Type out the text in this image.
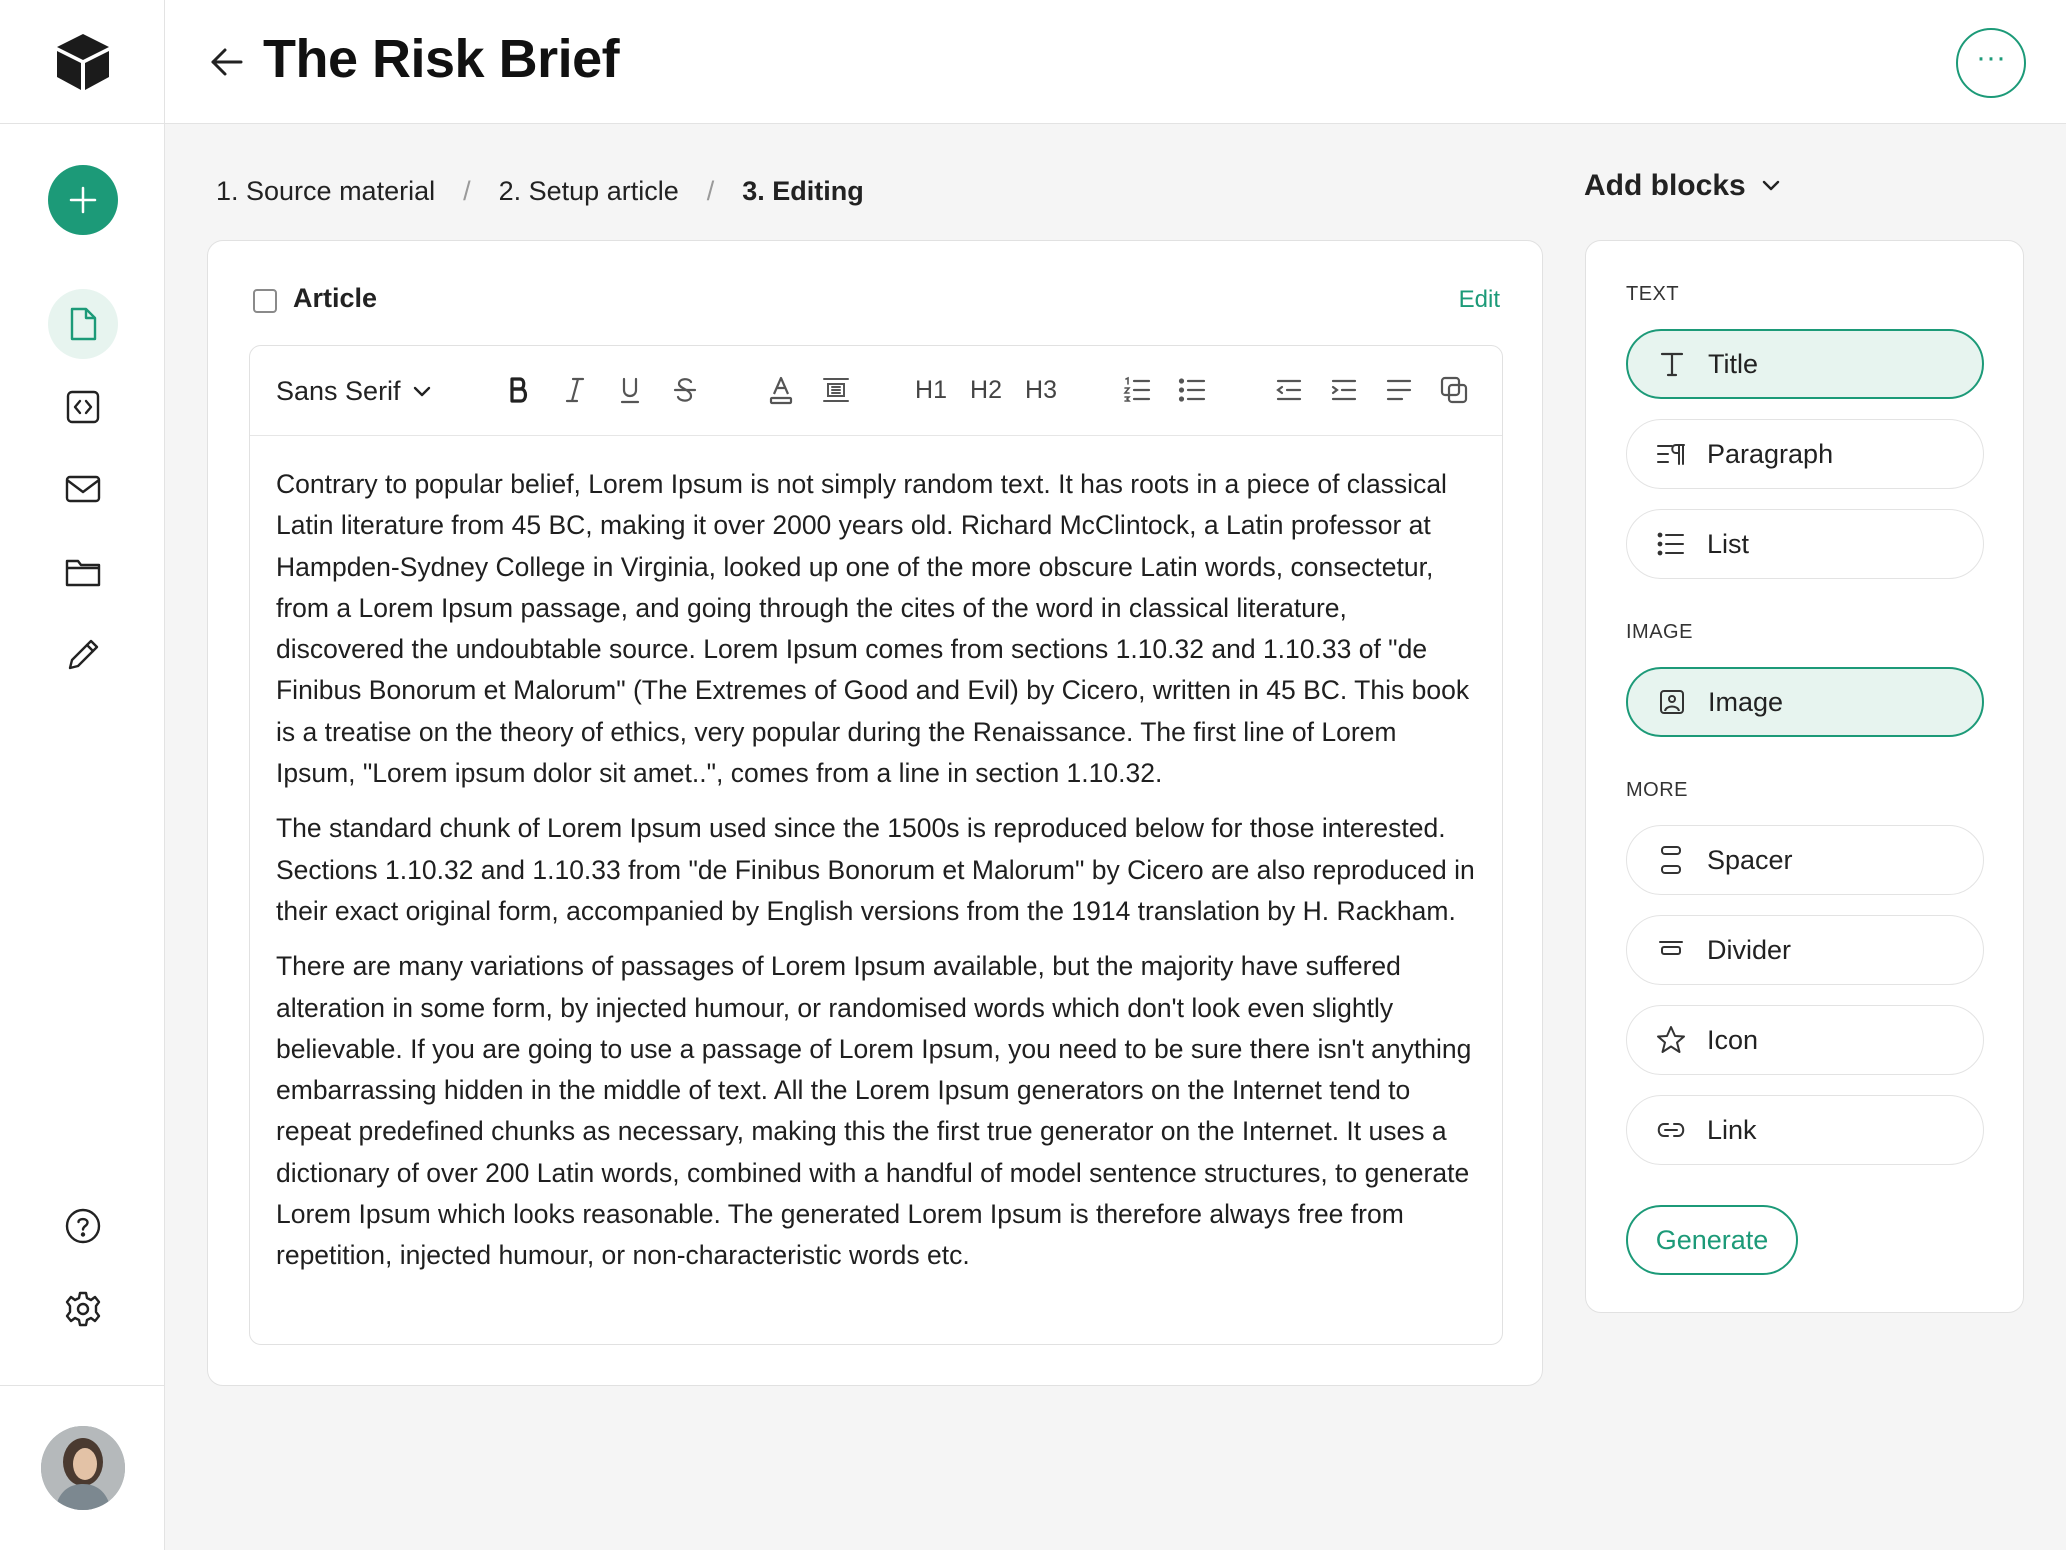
The Risk Brief	···
1. Source material / 2. Setup article / 3. Editing
Article	Edit
Sans Serif	H1 H2 H3

Contrary to popular belief, Lorem Ipsum is not simply random text. It has roots in a piece of classical Latin literature from 45 BC, making it over 2000 years old. Richard McClintock, a Latin professor at Hampden-Sydney College in Virginia, looked up one of the more obscure Latin words, consectetur, from a Lorem Ipsum passage, and going through the cites of the word in classical literature, discovered the undoubtable source. Lorem Ipsum comes from sections 1.10.32 and 1.10.33 of "de Finibus Bonorum et Malorum" (The Extremes of Good and Evil) by Cicero, written in 45 BC. This book is a treatise on the theory of ethics, very popular during the Renaissance. The first line of Lorem Ipsum, "Lorem ipsum dolor sit amet..", comes from a line in section 1.10.32.

The standard chunk of Lorem Ipsum used since the 1500s is reproduced below for those interested. Sections 1.10.32 and 1.10.33 from "de Finibus Bonorum et Malorum" by Cicero are also reproduced in their exact original form, accompanied by English versions from the 1914 translation by H. Rackham.

There are many variations of passages of Lorem Ipsum available, but the majority have suffered alteration in some form, by injected humour, or randomised words which don't look even slightly believable. If you are going to use a passage of Lorem Ipsum, you need to be sure there isn't anything embarrassing hidden in the middle of text. All the Lorem Ipsum generators on the Internet tend to repeat predefined chunks as necessary, making this the first true generator on the Internet. It uses a dictionary of over 200 Latin words, combined with a handful of model sentence structures, to generate Lorem Ipsum which looks reasonable. The generated Lorem Ipsum is therefore always free from repetition, injected humour, or non-characteristic words etc.

Add blocks
TEXT
Title
Paragraph
List
IMAGE
Image
MORE
Spacer
Divider
Icon
Link
Generate
